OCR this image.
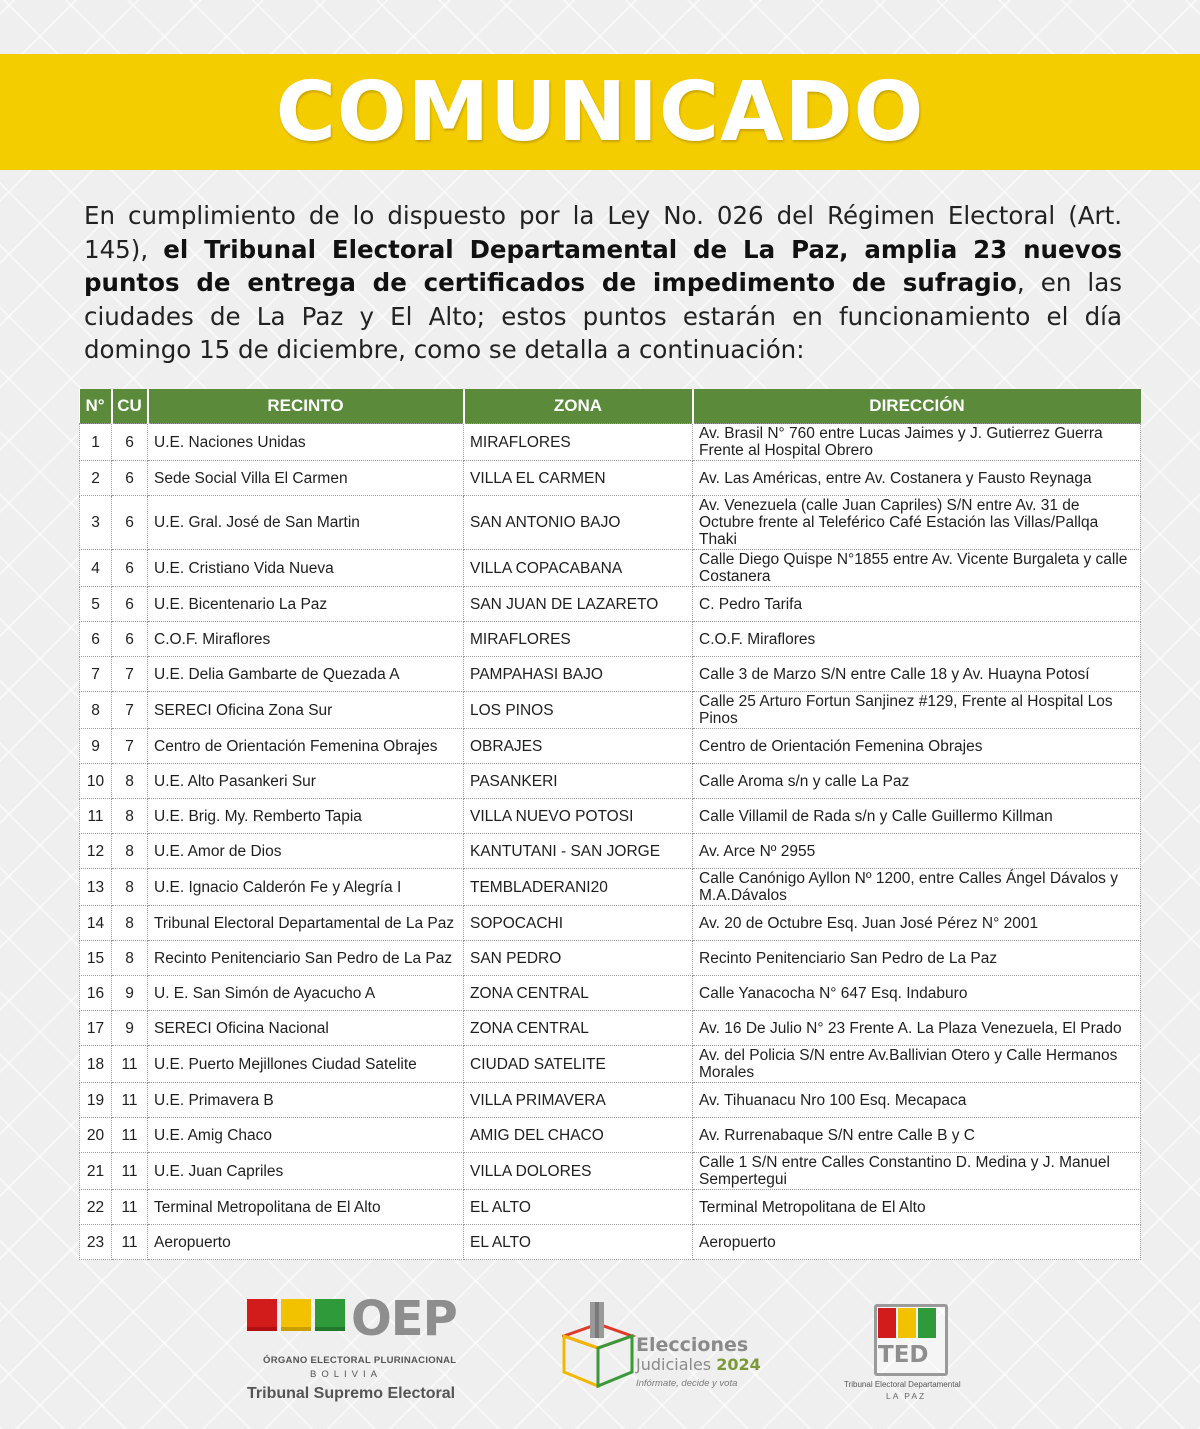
COMUNICADO

En cumplimiento de lo dispuesto por la Ley No. 026 del Régimen Electoral (Art. 145), el Tribunal Electoral Departamental de La Paz, amplia 23 nuevos puntos de entrega de certificados de impedimento de sufragio, en las ciudades de La Paz y El Alto; estos puntos estarán en funcionamiento el día domingo 15 de diciembre, como se detalla a continuación:

N°	CU	RECINTO	ZONA	DIRECCIÓN
1	6	U.E. Naciones Unidas	MIRAFLORES	Av. Brasil N° 760 entre Lucas Jaimes y J. Gutierrez Guerra Frente al Hospital Obrero
2	6	Sede Social Villa El Carmen	VILLA EL CARMEN	Av. Las Américas, entre Av. Costanera y Fausto Reynaga
3	6	U.E. Gral. José de San Martin	SAN ANTONIO BAJO	Av. Venezuela (calle Juan Capriles) S/N entre Av. 31 de Octubre frente al Teleférico Café Estación las Villas/Pallqa Thaki
4	6	U.E. Cristiano Vida Nueva	VILLA COPACABANA	Calle Diego Quispe N°1855 entre Av. Vicente Burgaleta y calle Costanera
5	6	U.E. Bicentenario La Paz	SAN JUAN DE LAZARETO	C. Pedro Tarifa
6	6	C.O.F. Miraflores	MIRAFLORES	C.O.F. Miraflores
7	7	U.E. Delia Gambarte de Quezada A	PAMPAHASI BAJO	Calle 3 de Marzo S/N entre Calle 18 y Av. Huayna Potosí
8	7	SERECI Oficina Zona Sur	LOS PINOS	Calle 25 Arturo Fortun Sanjinez #129, Frente al Hospital Los Pinos
9	7	Centro de Orientación Femenina Obrajes	OBRAJES	Centro de Orientación Femenina Obrajes
10	8	U.E. Alto Pasankeri Sur	PASANKERI	Calle Aroma s/n y calle La Paz
11	8	U.E. Brig. My. Remberto Tapia	VILLA NUEVO POTOSI	Calle Villamil de Rada s/n y Calle Guillermo Killman
12	8	U.E. Amor de Dios	KANTUTANI - SAN JORGE	Av. Arce Nº 2955
13	8	U.E. Ignacio Calderón Fe y Alegría I	TEMBLADERANI20	Calle Canónigo Ayllon Nº 1200, entre Calles Ángel Dávalos y M.A.Dávalos
14	8	Tribunal Electoral Departamental de La Paz	SOPOCACHI	Av. 20 de Octubre Esq. Juan José Pérez N° 2001
15	8	Recinto Penitenciario San Pedro de La Paz	SAN PEDRO	Recinto Penitenciario San Pedro de La Paz
16	9	U. E. San Simón de Ayacucho A	ZONA CENTRAL	Calle Yanacocha N° 647 Esq. Indaburo
17	9	SERECI Oficina Nacional	ZONA CENTRAL	Av. 16 De Julio N° 23 Frente A. La Plaza Venezuela, El Prado
18	11	U.E. Puerto Mejillones Ciudad Satelite	CIUDAD SATELITE	Av. del Policia S/N entre Av.Ballivian Otero y Calle Hermanos Morales
19	11	U.E. Primavera B	VILLA PRIMAVERA	Av. Tihuanacu Nro 100 Esq. Mecapaca
20	11	U.E. Amig Chaco	AMIG DEL CHACO	Av. Rurrenabaque S/N entre Calle B y C
21	11	U.E. Juan Capriles	VILLA DOLORES	Calle 1 S/N entre Calles Constantino D. Medina y J. Manuel Sempertegui
22	11	Terminal Metropolitana de El Alto	EL ALTO	Terminal Metropolitana de El Alto
23	11	Aeropuerto	EL ALTO	Aeropuerto
OEP
ÓRGANO ELECTORAL PLURINACIONAL
BOLIVIA
Tribunal Supremo Electoral
Elecciones
Judiciales 2024
Infórmate, decide y vota
TED
Tribunal Electoral Departamental
LA PAZ
